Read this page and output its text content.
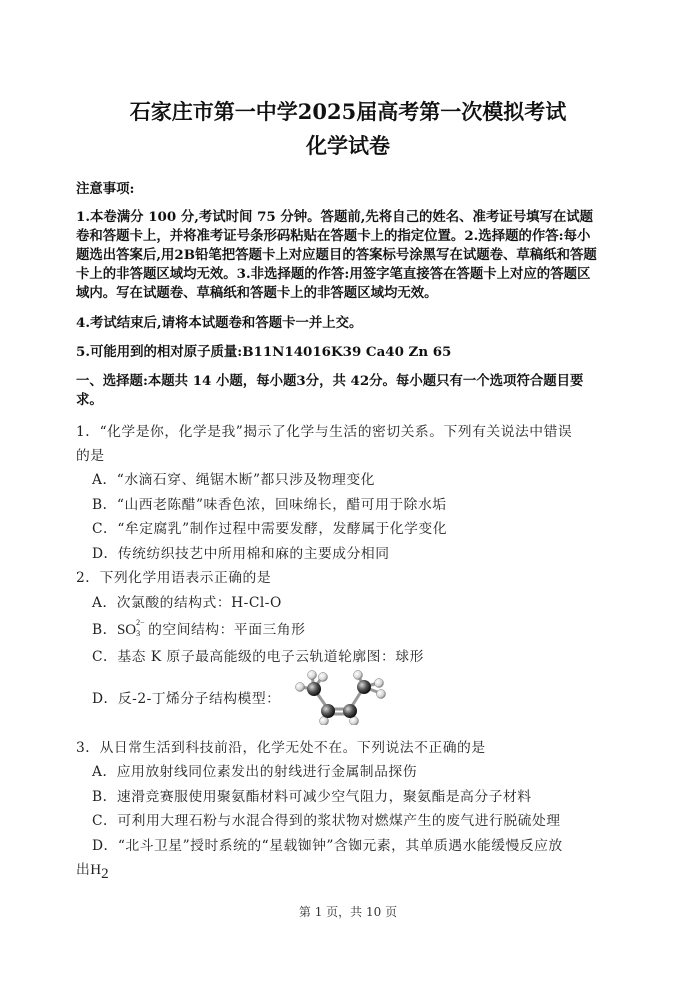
石家庄市第一中学2025届高考第一次模拟考试
化学试卷
注意事项:
1.本卷满分 100 分,考试时间 75 分钟。答题前,先将自己的姓名、准考证号填写在试题
卷和答题卡上，并将准考证号条形码粘贴在答题卡上的指定位置。2.选择题的作答:每小
题选出答案后,用2B铅笔把答题卡上对应题目的答案标号涂黑写在试题卷、草稿纸和答题
卡上的非答题区域均无效。3.非选择题的作答:用签字笔直接答在答题卡上对应的答题区
域内。写在试题卷、草稿纸和答题卡上的非答题区域均无效。
4.考试结束后,请将本试题卷和答题卡一并上交。
5.可能用到的相对原子质量:B11N14016K39 Ca40 Zn 65
一、选择题:本题共 14 小题，每小题3分，共 42分。每小题只有一个选项符合题目要
求。
1．“化学是你，化学是我”揭示了化学与生活的密切关系。下列有关说法中错误
的是
A．“水滴石穿、绳锯木断”都只涉及物理变化
B．“山西老陈醋”味香色浓，回味绵长，醋可用于除水垢
C．“牟定腐乳”制作过程中需要发酵，发酵属于化学变化
D．传统纺织技艺中所用棉和麻的主要成分相同
2．下列化学用语表示正确的是
A．次氯酸的结构式：H-Cl-O
B．SO 2−
3 的空间结构：平面三角形
C．基态 K 原子最高能级的电子云轨道轮廓图：球形
D．反-2-丁烯分子结构模型：
3．从日常生活到科技前沿，化学无处不在。下列说法不正确的是
A．应用放射线同位素发出的射线进行金属制品探伤
B．速滑竞赛服使用聚氨酯材料可减少空气阻力，聚氨酯是高分子材料
C．可利用大理石粉与水混合得到的浆状物对燃煤产生的废气进行脱硫处理
D．“北斗卫星”授时系统的“星载铷钟”含铷元素，其单质遇水能缓慢反应放
出$H_2$
第 1 页，共 10 页
